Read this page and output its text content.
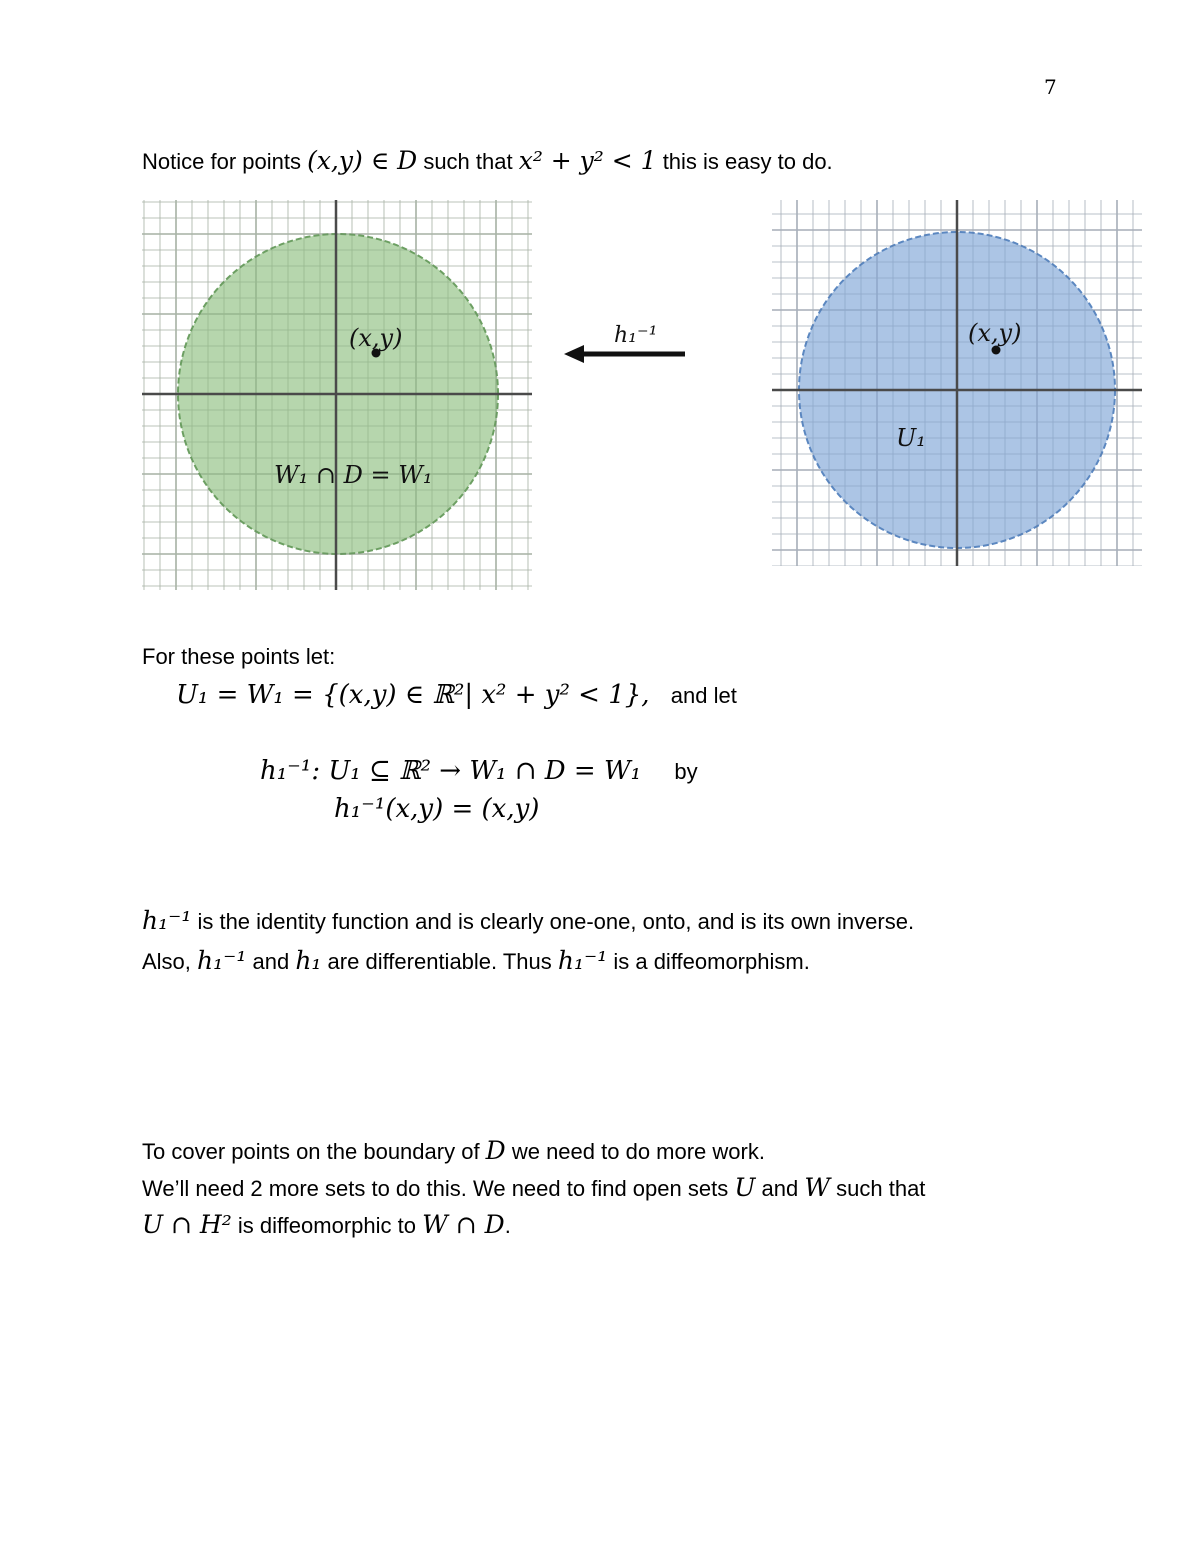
7
Notice for points (x,y) ∈ D such that x² + y² < 1 this is easy to do.
(x,y)
W₁ ∩ D = W₁
h₁⁻¹	(x,y)
U₁
For these points let:
U₁ = W₁ = {(x,y) ∈ ℝ²| x² + y² < 1}, and let
h₁⁻¹: U₁ ⊆ ℝ² → W₁ ∩ D = W₁ by
h₁⁻¹(x,y) = (x,y)
h₁⁻¹ is the identity function and is clearly one-one, onto, and is its own inverse.
Also, h₁⁻¹ and h₁ are differentiable. Thus h₁⁻¹ is a diffeomorphism.
To cover points on the boundary of D we need to do more work.
We’ll need 2 more sets to do this. We need to find open sets U and W such that
U ∩ H² is diffeomorphic to W ∩ D.
